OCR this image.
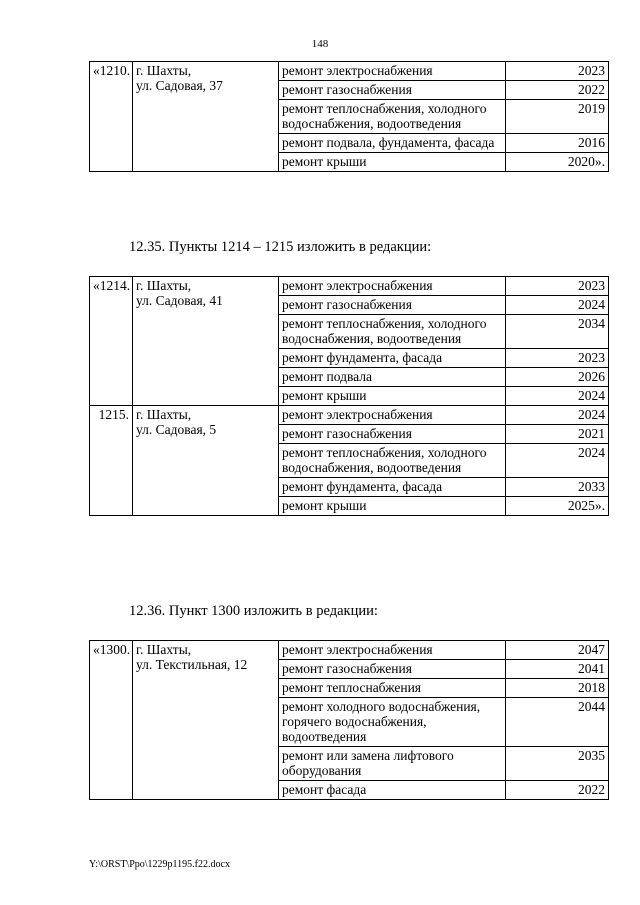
148
«1210.	г. Шахты,
ул. Садовая, 37	ремонт электроснабжения	2023
		ремонт газоснабжения	2022
		ремонт теплоснабжения, холодного водоснабжения, водоотведения	2019
		ремонт подвала, фундамента, фасада	2016
		ремонт крыши	2020».
12.35. Пункты 1214 – 1215 изложить в редакции:
«1214.	г. Шахты,
ул. Садовая, 41	ремонт электроснабжения	2023
		ремонт газоснабжения	2024
		ремонт теплоснабжения, холодного водоснабжения, водоотведения	2034
		ремонт фундамента, фасада	2023
		ремонт подвала	2026
		ремонт крыши	2024
1215.	г. Шахты,
ул. Садовая, 5	ремонт электроснабжения	2024
		ремонт газоснабжения	2021
		ремонт теплоснабжения, холодного водоснабжения, водоотведения	2024
		ремонт фундамента, фасада	2033
		ремонт крыши	2025».
12.36. Пункт 1300 изложить в редакции:
«1300.	г. Шахты,
ул. Текстильная, 12	ремонт электроснабжения	2047
		ремонт газоснабжения	2041
		ремонт теплоснабжения	2018
		ремонт холодного водоснабжения, горячего водоснабжения, водоотведения	2044
		ремонт или замена лифтового оборудования	2035
		ремонт фасада	2022
Y:\ORST\Ppo\1229p1195.f22.docx
